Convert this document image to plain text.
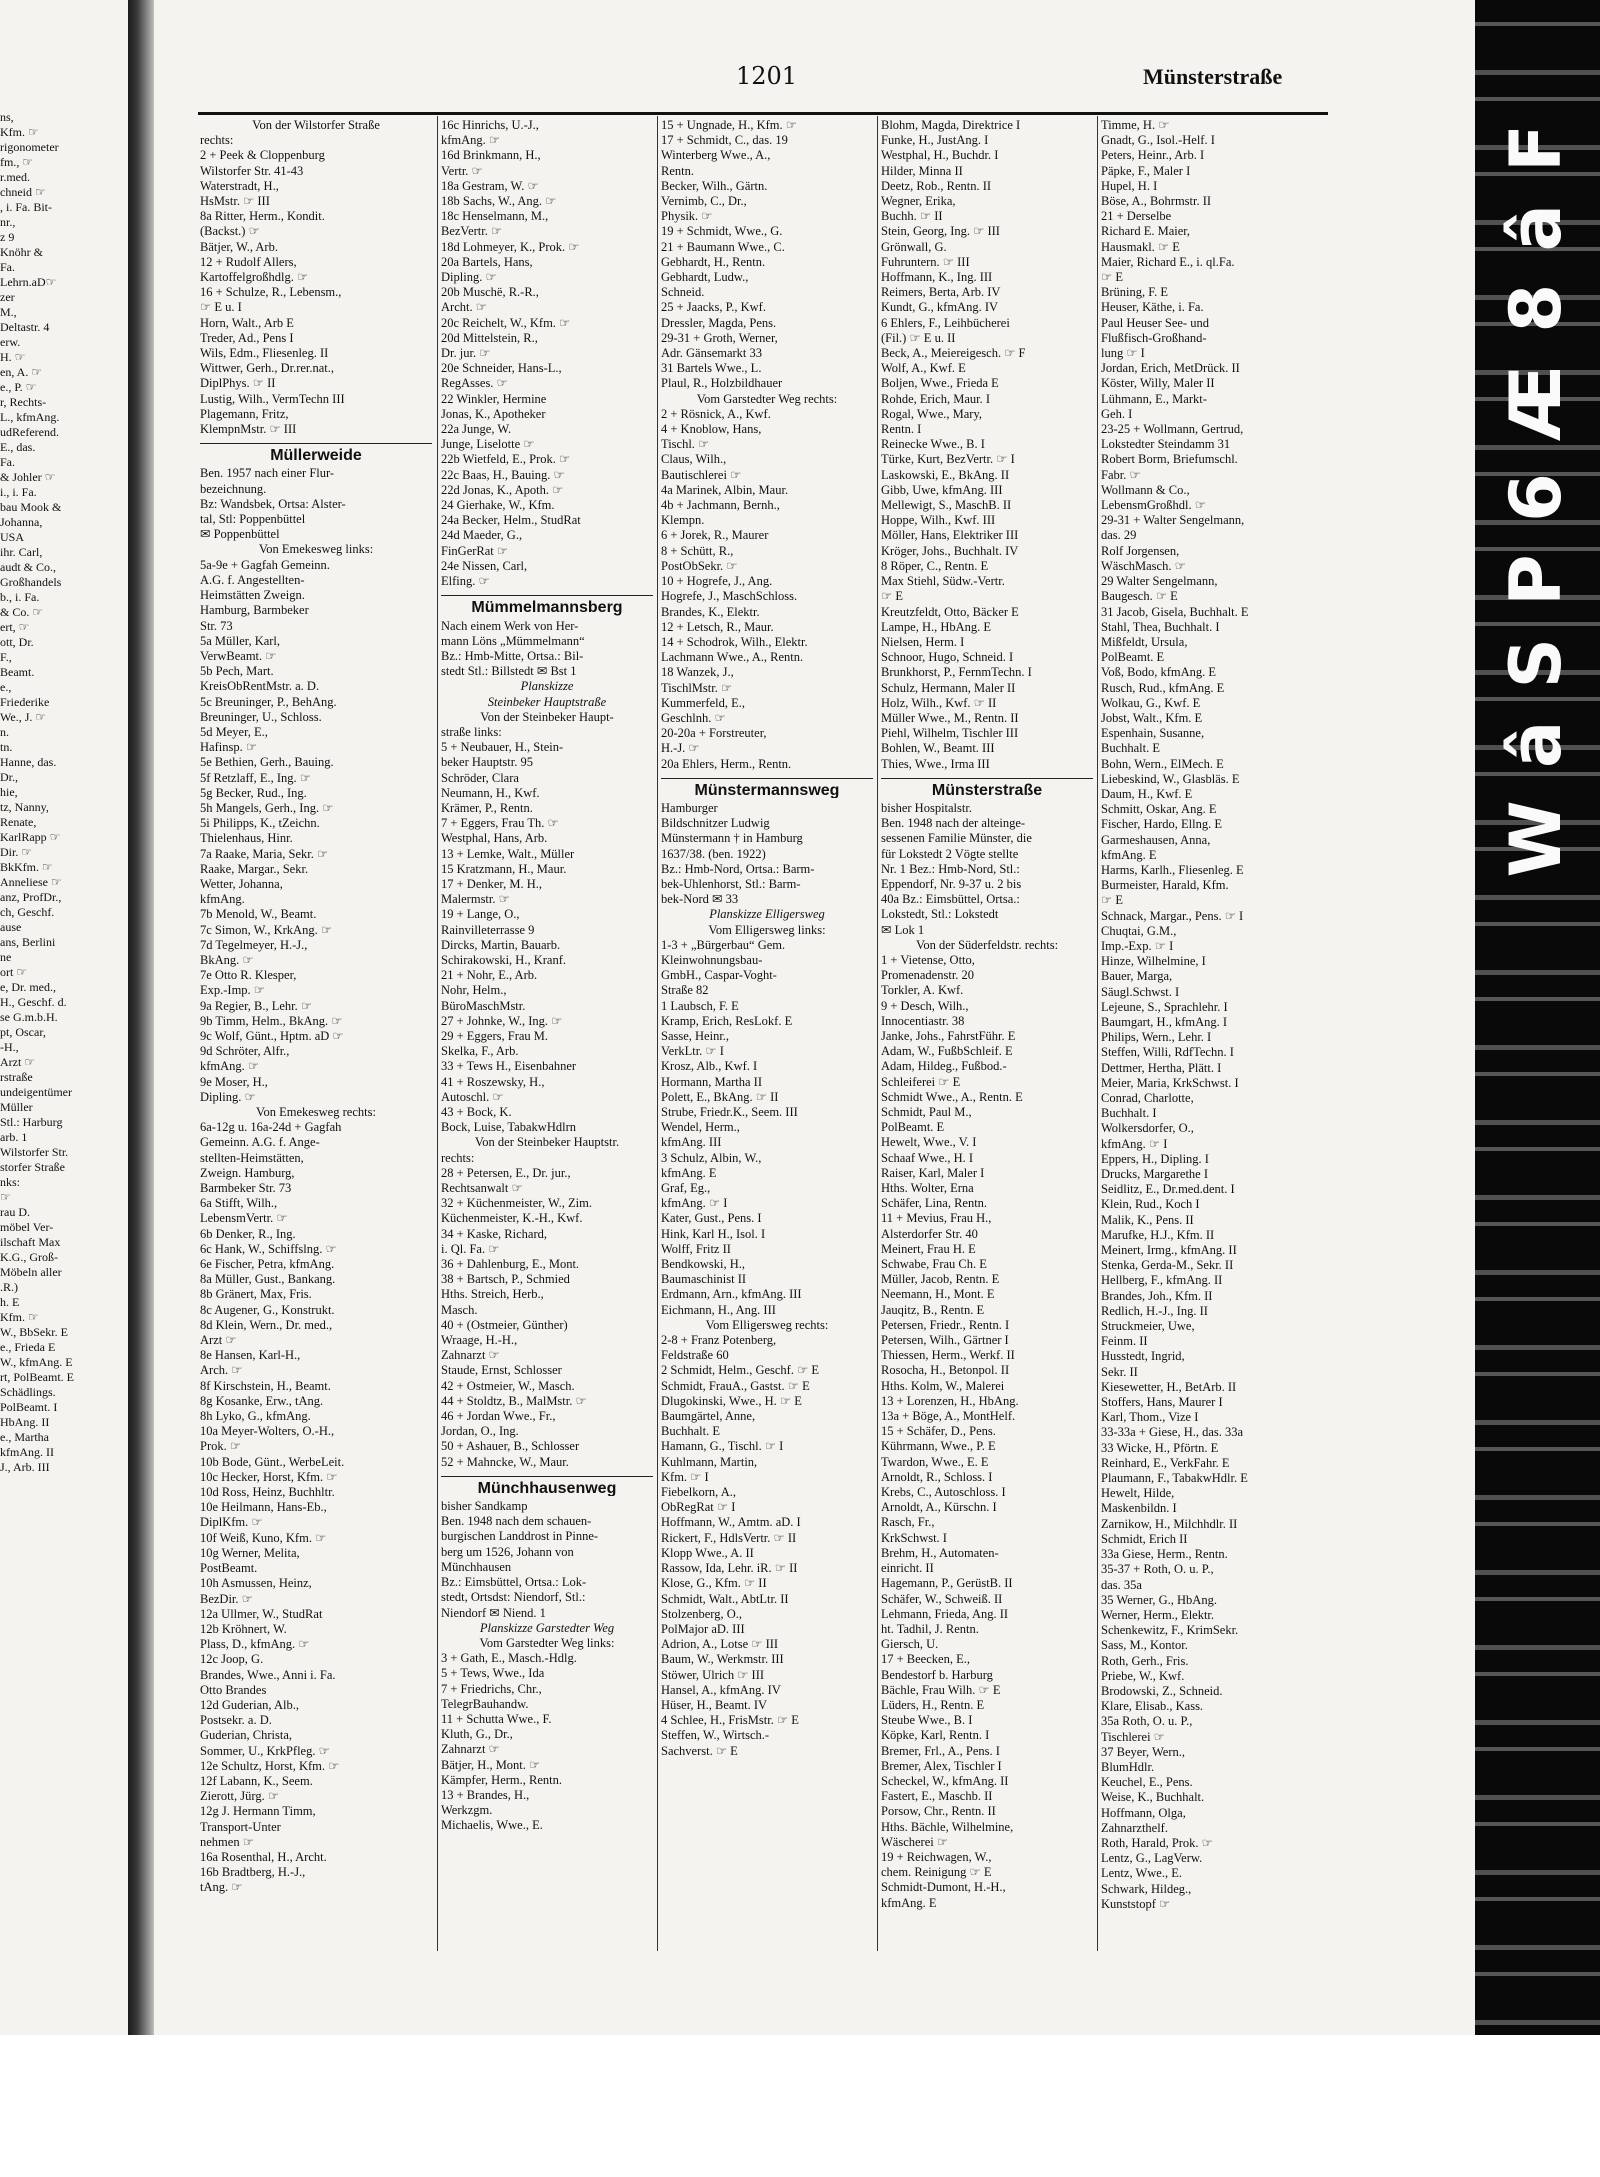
ns,
Kfm. ☞
rigonometer
fm., ☞
r.med.
chneid ☞
, i. Fa. Bit-
nr.,
z 9
Knöhr &
Fa.
Lehrn.aD☞
zer
M.,
Deltastr. 4
erw.
H. ☞
en, A. ☞
e., P. ☞
r, Rechts-
L., kfmAng.
udReferend.
E., das.
Fa.
& Johler ☞
i., i. Fa.
bau Mook &
Johanna,
USA
ihr. Carl,
audt & Co.,
Großhandels
b., i. Fa.
& Co. ☞
ert, ☞
ott, Dr.
F.,
Beamt.
e.,
Friederike
We., J. ☞
n.
tn.
Hanne, das.
Dr.,
hie,
tz, Nanny,
Renate,
KarlRapp ☞
Dir. ☞
BkKfm. ☞
Anneliese ☞
anz, ProfDr.,
ch, Geschf.
ause
ans, Berlini
ne
ort ☞
e, Dr. med.,
H., Geschf. d.
se G.m.b.H.
pt, Oscar,
-H.,
Arzt ☞
rstraße
undeigentümer
Müller
Stl.: Harburg
arb. 1
Wilstorfer Str.
storfer Straße
nks:
☞
rau D.
möbel Ver-
ilschaft Max
K.G., Groß-
Möbeln aller
.R.)
h. E
Kfm. ☞
W., BbSekr. E
e., Frieda E
W., kfmAng. E
rt, PolBeamt. E
Schädlings.
PolBeamt. I
HbAng. II
e., Martha
kfmAng. II
J., Arb. III
1201	Münsterstraße
Von der Wilstorfer Straße
rechts:
2 + Peek & Cloppenburg
Wilstorfer Str. 41-43
Waterstradt, H.,
HsMstr. ☞ III
8a Ritter, Herm., Kondit.
(Backst.) ☞
Bätjer, W., Arb.
12 + Rudolf Allers,
Kartoffelgroßhdlg. ☞
16 + Schulze, R., Lebensm.,
☞ E u. I
Horn, Walt., Arb E
Treder, Ad., Pens I
Wils, Edm., Fliesenleg. II
Wittwer, Gerh., Dr.rer.nat.,
DiplPhys. ☞ II
Lustig, Wilh., VermTechn III
Plagemann, Fritz,
KlempnMstr. ☞ III
Müllerweide
Ben. 1957 nach einer Flur-
bezeichnung.
Bz: Wandsbek, Ortsa: Alster-
tal, Stl: Poppenbüttel
✉ Poppenbüttel
Von Emekesweg links:
5a-9e + Gagfah Gemeinn.
A.G. f. Angestellten-
Heimstätten Zweign.
Hamburg, Barmbeker
Str. 73
5a Müller, Karl,
VerwBeamt. ☞
5b Pech, Mart.
KreisObRentMstr. a. D.
5c Breuninger, P., BehAng.
Breuninger, U., Schloss.
5d Meyer, E.,
Hafinsp. ☞
5e Bethien, Gerh., Bauing.
5f Retzlaff, E., Ing. ☞
5g Becker, Rud., Ing.
5h Mangels, Gerh., Ing. ☞
5i Philipps, K., tZeichn.
Thielenhaus, Hinr.
7a Raake, Maria, Sekr. ☞
Raake, Margar., Sekr.
Wetter, Johanna,
kfmAng.
7b Menold, W., Beamt.
7c Simon, W., KrkAng. ☞
7d Tegelmeyer, H.-J.,
BkAng. ☞
7e Otto R. Klesper,
Exp.-Imp. ☞
9a Regier, B., Lehr. ☞
9b Timm, Helm., BkAng. ☞
9c Wolf, Günt., Hptm. aD ☞
9d Schröter, Alfr.,
kfmAng. ☞
9e Moser, H.,
Dipling. ☞
Von Emekesweg rechts:
6a-12g u. 16a-24d + Gagfah
Gemeinn. A.G. f. Ange-
stellten-Heimstätten,
Zweign. Hamburg,
Barmbeker Str. 73
6a Stifft, Wilh.,
LebensmVertr. ☞
6b Denker, R., Ing.
6c Hank, W., Schiffslng. ☞
6e Fischer, Petra, kfmAng.
8a Müller, Gust., Bankang.
8b Gränert, Max, Fris.
8c Augener, G., Konstrukt.
8d Klein, Wern., Dr. med.,
Arzt ☞
8e Hansen, Karl-H.,
Arch. ☞
8f Kirschstein, H., Beamt.
8g Kosanke, Erw., tAng.
8h Lyko, G., kfmAng.
10a Meyer-Wolters, O.-H.,
Prok. ☞
10b Bode, Günt., WerbeLeit.
10c Hecker, Horst, Kfm. ☞
10d Ross, Heinz, Buchhltr.
10e Heilmann, Hans-Eb.,
DiplKfm. ☞
10f Weiß, Kuno, Kfm. ☞
10g Werner, Melita,
PostBeamt.
10h Asmussen, Heinz,
BezDir. ☞
12a Ullmer, W., StudRat
12b Kröhnert, W.
Plass, D., kfmAng. ☞
12c Joop, G.
Brandes, Wwe., Anni i. Fa.
Otto Brandes
12d Guderian, Alb.,
Postsekr. a. D.
Guderian, Christa,
Sommer, U., KrkPfleg. ☞
12e Schultz, Horst, Kfm. ☞
12f Labann, K., Seem.
Zierott, Jürg. ☞
12g J. Hermann Timm,
Transport-Unter
nehmen ☞
16a Rosenthal, H., Archt.
16b Bradtberg, H.-J.,
tAng. ☞
16c Hinrichs, U.-J.,
kfmAng. ☞
16d Brinkmann, H.,
Vertr. ☞
18a Gestram, W. ☞
18b Sachs, W., Ang. ☞
18c Henselmann, M.,
BezVertr. ☞
18d Lohmeyer, K., Prok. ☞
20a Bartels, Hans,
Dipling. ☞
20b Muschë, R.-R.,
Archt. ☞
20c Reichelt, W., Kfm. ☞
20d Mittelstein, R.,
Dr. jur. ☞
20e Schneider, Hans-L.,
RegAsses. ☞
22 Winkler, Hermine
Jonas, K., Apotheker
22a Junge, W.
Junge, Liselotte ☞
22b Wietfeld, E., Prok. ☞
22c Baas, H., Bauing. ☞
22d Jonas, K., Apoth. ☞
24 Gierhake, W., Kfm.
24a Becker, Helm., StudRat
24d Maeder, G.,
FinGerRat ☞
24e Nissen, Carl,
Elfing. ☞
Mümmelmannsberg
Nach einem Werk von Her-
mann Löns „Mümmelmann“
Bz.: Hmb-Mitte, Ortsa.: Bil-
stedt Stl.: Billstedt ✉ Bst 1
Planskizze
Steinbeker Hauptstraße
Von der Steinbeker Haupt-
straße links:
5 + Neubauer, H., Stein-
beker Hauptstr. 95
Schröder, Clara
Neumann, H., Kwf.
Krämer, P., Rentn.
7 + Eggers, Frau Th. ☞
Westphal, Hans, Arb.
13 + Lemke, Walt., Müller
15 Kratzmann, H., Maur.
17 + Denker, M. H.,
Malermstr. ☞
19 + Lange, O.,
Rainvilleterrasse 9
Dircks, Martin, Bauarb.
Schirakowski, H., Kranf.
21 + Nohr, E., Arb.
Nohr, Helm.,
BüroMaschMstr.
27 + Johnke, W., Ing. ☞
29 + Eggers, Frau M.
Skelka, F., Arb.
33 + Tews H., Eisenbahner
41 + Roszewsky, H.,
Autoschl. ☞
43 + Bock, K.
Bock, Luise, TabakwHdlrn
Von der Steinbeker Hauptstr.
rechts:
28 + Petersen, E., Dr. jur.,
Rechtsanwalt ☞
32 + Küchenmeister, W., Zim.
Küchenmeister, K.-H., Kwf.
34 + Kaske, Richard,
i. Ql. Fa. ☞
36 + Dahlenburg, E., Mont.
38 + Bartsch, P., Schmied
Hths. Streich, Herb.,
Masch.
40 + (Ostmeier, Günther)
Wraage, H.-H.,
Zahnarzt ☞
Staude, Ernst, Schlosser
42 + Ostmeier, W., Masch.
44 + Stoldtz, B., MalMstr. ☞
46 + Jordan Wwe., Fr.,
Jordan, O., Ing.
50 + Ashauer, B., Schlosser
52 + Mahncke, W., Maur.
Münchhausenweg
bisher Sandkamp
Ben. 1948 nach dem schauen-
burgischen Landdrost in Pinne-
berg um 1526, Johann von
Münchhausen
Bz.: Eimsbüttel, Ortsa.: Lok-
stedt, Ortsdst: Niendorf, Stl.:
Niendorf ✉ Niend. 1
Planskizze Garstedter Weg
Vom Garstedter Weg links:
3 + Gath, E., Masch.-Hdlg.
5 + Tews, Wwe., Ida
7 + Friedrichs, Chr.,
TelegrBauhandw.
11 + Schutta Wwe., F.
Kluth, G., Dr.,
Zahnarzt ☞
Bätjer, H., Mont. ☞
Kämpfer, Herm., Rentn.
13 + Brandes, H.,
Werkzgm.
Michaelis, Wwe., E.
15 + Ungnade, H., Kfm. ☞
17 + Schmidt, C., das. 19
Winterberg Wwe., A.,
Rentn.
Becker, Wilh., Gärtn.
Vernimb, C., Dr.,
Physik. ☞
19 + Schmidt, Wwe., G.
21 + Baumann Wwe., C.
Gebhardt, H., Rentn.
Gebhardt, Ludw.,
Schneid.
25 + Jaacks, P., Kwf.
Dressler, Magda, Pens.
29-31 + Groth, Werner,
Adr. Gänsemarkt 33
31 Bartels Wwe., L.
Plaul, R., Holzbildhauer
Vom Garstedter Weg rechts:
2 + Rösnick, A., Kwf.
4 + Knoblow, Hans,
Tischl. ☞
Claus, Wilh.,
Bautischlerei ☞
4a Marinek, Albin, Maur.
4b + Jachmann, Bernh.,
Klempn.
6 + Jorek, R., Maurer
8 + Schütt, R.,
PostObSekr. ☞
10 + Hogrefe, J., Ang.
Hogrefe, J., MaschSchloss.
Brandes, K., Elektr.
12 + Letsch, R., Maur.
14 + Schodrok, Wilh., Elektr.
Lachmann Wwe., A., Rentn.
18 Wanzek, J.,
TischlMstr. ☞
Kummerfeld, E.,
Geschlnh. ☞
20-20a + Forstreuter,
H.-J. ☞
20a Ehlers, Herm., Rentn.
Münstermannsweg
Hamburger
Bildschnitzer Ludwig
Münstermann † in Hamburg
1637/38. (ben. 1922)
Bz.: Hmb-Nord, Ortsa.: Barm-
bek-Uhlenhorst, Stl.: Barm-
bek-Nord ✉ 33
Planskizze Elligersweg
Vom Elligersweg links:
1-3 + „Bürgerbau“ Gem.
Kleinwohnungsbau-
GmbH., Caspar-Voght-
Straße 82
1 Laubsch, F. E
Kramp, Erich, ResLokf. E
Sasse, Heinr.,
VerkLtr. ☞ I
Krosz, Alb., Kwf. I
Hormann, Martha II
Polett, E., BkAng. ☞ II
Strube, Friedr.K., Seem. III
Wendel, Herm.,
kfmAng. III
3 Schulz, Albin, W.,
kfmAng. E
Graf, Eg.,
kfmAng. ☞ I
Kater, Gust., Pens. I
Hink, Karl H., Isol. I
Wolff, Fritz II
Bendkowski, H.,
Baumaschinist II
Erdmann, Arn., kfmAng. III
Eichmann, H., Ang. III
Vom Elligersweg rechts:
2-8 + Franz Potenberg,
Feldstraße 60
2 Schmidt, Helm., Geschf. ☞ E
Schmidt, FrauA., Gastst. ☞ E
Dlugokinski, Wwe., H. ☞ E
Baumgärtel, Anne,
Buchhalt. E
Hamann, G., Tischl. ☞ I
Kuhlmann, Martin,
Kfm. ☞ I
Fiebelkorn, A.,
ObRegRat ☞ I
Hoffmann, W., Amtm. aD. I
Rickert, F., HdlsVertr. ☞ II
Klopp Wwe., A. II
Rassow, Ida, Lehr. iR. ☞ II
Klose, G., Kfm. ☞ II
Schmidt, Walt., AbtLtr. II
Stolzenberg, O.,
PolMajor aD. III
Adrion, A., Lotse ☞ III
Baum, W., Werkmstr. III
Stöwer, Ulrich ☞ III
Hansel, A., kfmAng. IV
Hüser, H., Beamt. IV
4 Schlee, H., FrisMstr. ☞ E
Steffen, W., Wirtsch.-
Sachverst. ☞ E
Blohm, Magda, Direktrice I
Funke, H., JustAng. I
Westphal, H., Buchdr. I
Hilder, Minna II
Deetz, Rob., Rentn. II
Wegner, Erika,
Buchh. ☞ II
Stein, Georg, Ing. ☞ III
Grönwall, G.
Fuhruntern. ☞ III
Hoffmann, K., Ing. III
Reimers, Berta, Arb. IV
Kundt, G., kfmAng. IV
6 Ehlers, F., Leihbücherei
(Fil.) ☞ E u. II
Beck, A., Meiereigesch. ☞ F
Wolf, A., Kwf. E
Boljen, Wwe., Frieda E
Rohde, Erich, Maur. I
Rogal, Wwe., Mary,
Rentn. I
Reinecke Wwe., B. I
Türke, Kurt, BezVertr. ☞ I
Laskowski, E., BkAng. II
Gibb, Uwe, kfmAng. III
Mellewigt, S., MaschB. II
Hoppe, Wilh., Kwf. III
Möller, Hans, Elektriker III
Kröger, Johs., Buchhalt. IV
8 Röper, C., Rentn. E
Max Stiehl, Südw.-Vertr.
☞ E
Kreutzfeldt, Otto, Bäcker E
Lampe, H., HbAng. E
Nielsen, Herm. I
Schnoor, Hugo, Schneid. I
Brunkhorst, P., FernmTechn. I
Schulz, Hermann, Maler II
Holz, Wilh., Kwf. ☞ II
Müller Wwe., M., Rentn. II
Piehl, Wilhelm, Tischler III
Bohlen, W., Beamt. III
Thies, Wwe., Irma III
Münsterstraße
bisher Hospitalstr.
Ben. 1948 nach der alteinge-
sessenen Familie Münster, die
für Lokstedt 2 Vögte stellte
Nr. 1 Bez.: Hmb-Nord, Stl.:
Eppendorf, Nr. 9-37 u. 2 bis
40a Bz.: Eimsbüttel, Ortsa.:
Lokstedt, Stl.: Lokstedt
✉ Lok 1
Von der Süderfeldstr. rechts:
1 + Vietense, Otto,
Promenadenstr. 20
Torkler, A. Kwf.
9 + Desch, Wilh.,
Innocentiastr. 38
Janke, Johs., FahrstFühr. E
Adam, W., FußbSchleif. E
Adam, Hildeg., Fußbod.-
Schleiferei ☞ E
Schmidt Wwe., A., Rentn. E
Schmidt, Paul M.,
PolBeamt. E
Hewelt, Wwe., V. I
Schaaf Wwe., H. I
Raiser, Karl, Maler I
Hths. Wolter, Erna
Schäfer, Lina, Rentn.
11 + Mevius, Frau H.,
Alsterdorfer Str. 40
Meinert, Frau H. E
Schwabe, Frau Ch. E
Müller, Jacob, Rentn. E
Neemann, H., Mont. E
Jauqitz, B., Rentn. E
Petersen, Friedr., Rentn. I
Petersen, Wilh., Gärtner I
Thiessen, Herm., Werkf. II
Rosocha, H., Betonpol. II
Hths. Kolm, W., Malerei
13 + Lorenzen, H., HbAng.
13a + Böge, A., MontHelf.
15 + Schäfer, D., Pens.
Kührmann, Wwe., P. E
Twardon, Wwe., E. E
Arnoldt, R., Schloss. I
Krebs, C., Autoschloss. I
Arnoldt, A., Kürschn. I
Rasch, Fr.,
KrkSchwst. I
Brehm, H., Automaten-
einricht. II
Hagemann, P., GerüstB. II
Schäfer, W., Schweiß. II
Lehmann, Frieda, Ang. II
ht. Tadhil, J. Rentn.
Giersch, U.
17 + Beecken, E.,
Bendestorf b. Harburg
Bächle, Frau Wilh. ☞ E
Lüders, H., Rentn. E
Steube Wwe., B. I
Köpke, Karl, Rentn. I
Bremer, Frl., A., Pens. I
Bremer, Alex, Tischler I
Scheckel, W., kfmAng. II
Fastert, E., Maschb. II
Porsow, Chr., Rentn. II
Hths. Bächle, Wilhelmine,
Wäscherei ☞
19 + Reichwagen, W.,
chem. Reinigung ☞ E
Schmidt-Dumont, H.-H.,
kfmAng. E
Timme, H. ☞
Gnadt, G., Isol.-Helf. I
Peters, Heinr., Arb. I
Päpke, F., Maler I
Hupel, H. I
Böse, A., Bohrmstr. II
21 + Derselbe
Richard E. Maier,
Hausmakl. ☞ E
Maier, Richard E., i. ql.Fa.
☞ E
Brüning, F. E
Heuser, Käthe, i. Fa.
Paul Heuser See- und
Flußfisch-Großhand-
lung ☞ I
Jordan, Erich, MetDrück. II
Köster, Willy, Maler II
Lühmann, E., Markt-
Geh. I
23-25 + Wollmann, Gertrud,
Lokstedter Steindamm 31
Robert Borm, Briefumschl.
Fabr. ☞
Wollmann & Co.,
LebensmGroßhdl. ☞
29-31 + Walter Sengelmann,
das. 29
Rolf Jorgensen,
WäschMasch. ☞
29 Walter Sengelmann,
Baugesch. ☞ E
31 Jacob, Gisela, Buchhalt. E
Stahl, Thea, Buchhalt. I
Mißfeldt, Ursula,
PolBeamt. E
Voß, Bodo, kfmAng. E
Rusch, Rud., kfmAng. E
Wolkau, G., Kwf. E
Jobst, Walt., Kfm. E
Espenhain, Susanne,
Buchhalt. E
Bohn, Wern., ElMech. E
Liebeskind, W., Glasbläs. E
Daum, H., Kwf. E
Schmitt, Oskar, Ang. E
Fischer, Hardo, Ellng. E
Garmeshausen, Anna,
kfmAng. E
Harms, Karlh., Fliesenleg. E
Burmeister, Harald, Kfm.
☞ E
Schnack, Margar., Pens. ☞ I
Chuqtai, G.M.,
Imp.-Exp. ☞ I
Hinze, Wilhelmine, I
Bauer, Marga,
Säugl.Schwst. I
Lejeune, S., Sprachlehr. I
Baumgart, H., kfmAng. I
Philips, Wern., Lehr. I
Steffen, Willi, RdfTechn. I
Dettmer, Hertha, Plätt. I
Meier, Maria, KrkSchwst. I
Conrad, Charlotte,
Buchhalt. I
Wolkersdorfer, O.,
kfmAng. ☞ I
Eppers, H., Dipling. I
Drucks, Margarethe I
Seidlitz, E., Dr.med.dent. I
Klein, Rud., Koch I
Malik, K., Pens. II
Marufke, H.J., Kfm. II
Meinert, Irmg., kfmAng. II
Stenka, Gerda-M., Sekr. II
Hellberg, F., kfmAng. II
Brandes, Joh., Kfm. II
Redlich, H.-J., Ing. II
Struckmeier, Uwe,
Feinm. II
Husstedt, Ingrid,
Sekr. II
Kiesewetter, H., BetArb. II
Stoffers, Hans, Maurer I
Karl, Thom., Vize I
33-33a + Giese, H., das. 33a
33 Wicke, H., Pförtn. E
Reinhard, E., VerkFahr. E
Plaumann, F., TabakwHdlr. E
Hewelt, Hilde,
Maskenbildn. I
Zarnikow, H., Milchhdlr. II
Schmidt, Erich II
33a Giese, Herm., Rentn.
35-37 + Roth, O. u. P.,
das. 35a
35 Werner, G., HbAng.
Werner, Herm., Elektr.
Schenkewitz, F., KrimSekr.
Sass, M., Kontor.
Roth, Gerh., Fris.
Priebe, W., Kwf.
Brodowski, Z., Schneid.
Klare, Elisab., Kass.
35a Roth, O. u. P.,
Tischlerei ☞
37 Beyer, Wern.,
BlumHdlr.
Keuchel, E., Pens.
Weise, K., Buchhalt.
Hoffmann, Olga,
Zahnarzthelf.
Roth, Harald, Prok. ☞
Lentz, G., LagVerw.
Lentz, Wwe., E.
Schwark, Hildeg.,
Kunststopf ☞
W â S P 6 Æ 8 â F
